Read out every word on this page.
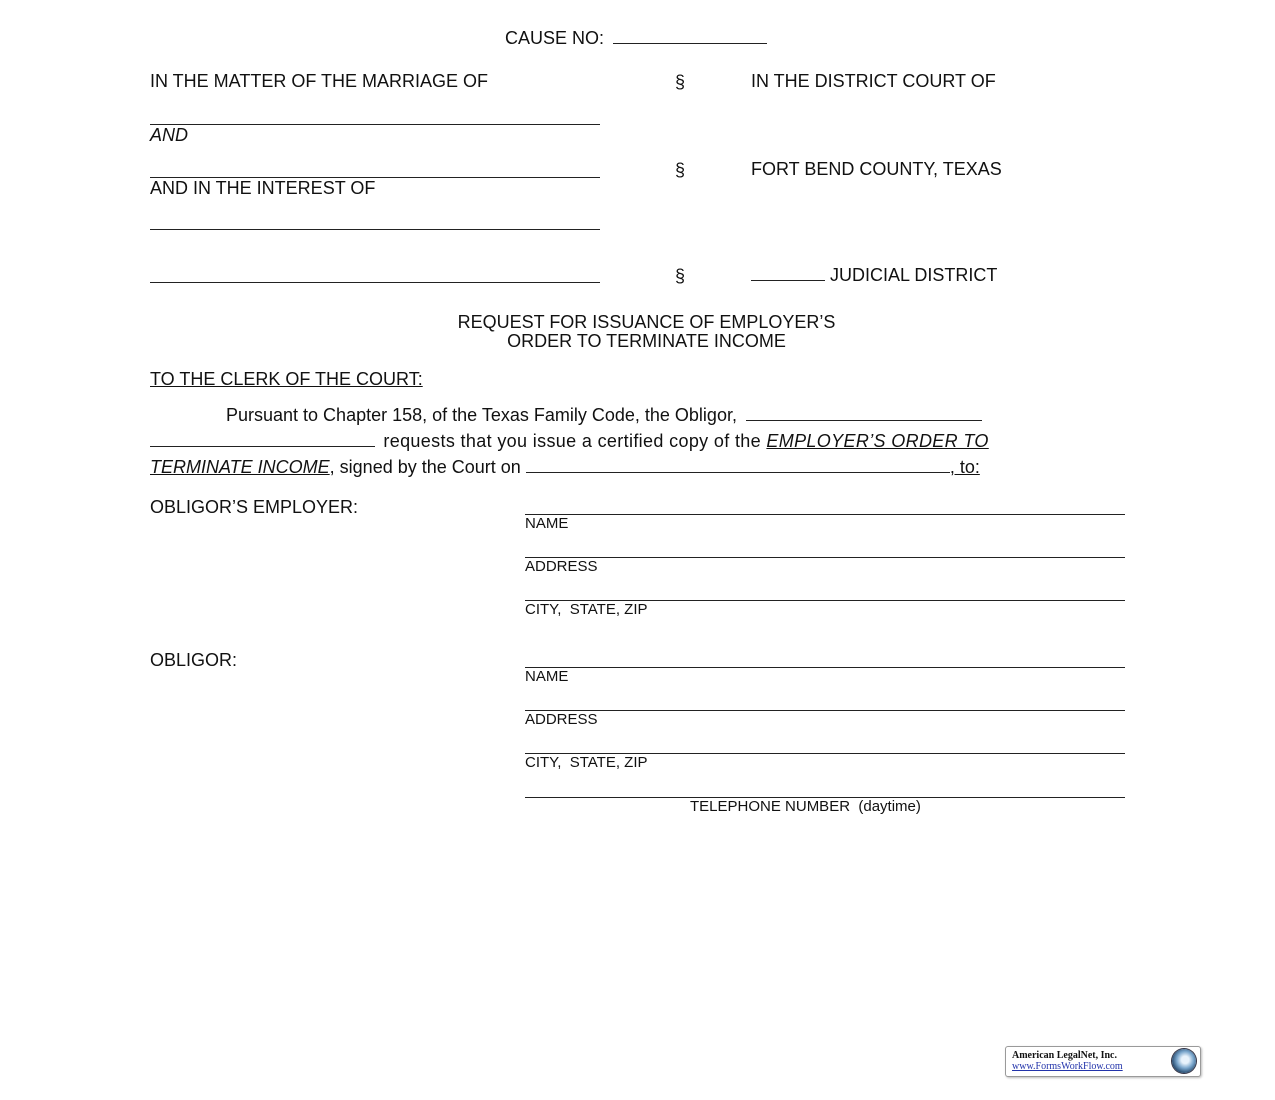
CAUSE NO:
IN THE MATTER OF THE MARRIAGE OF
AND
AND IN THE INTEREST OF
§
§
§
IN THE DISTRICT COURT OF
FORT BEND COUNTY, TEXAS
JUDICIAL DISTRICT
REQUEST FOR ISSUANCE OF EMPLOYER’S
ORDER TO TERMINATE INCOME
TO THE CLERK OF THE COURT:
Pursuant to Chapter 158, of the Texas Family Code, the Obligor,
requests that you issue a certified copy of the EMPLOYER’S ORDER TO
TERMINATE INCOME, signed by the Court on	, to:
OBLIGOR’S EMPLOYER:
NAME
ADDRESS
CITY,  STATE, ZIP
OBLIGOR:
NAME
ADDRESS
CITY,  STATE, ZIP
TELEPHONE NUMBER  (daytime)
American LegalNet, Inc.
www.FormsWorkFlow.com
